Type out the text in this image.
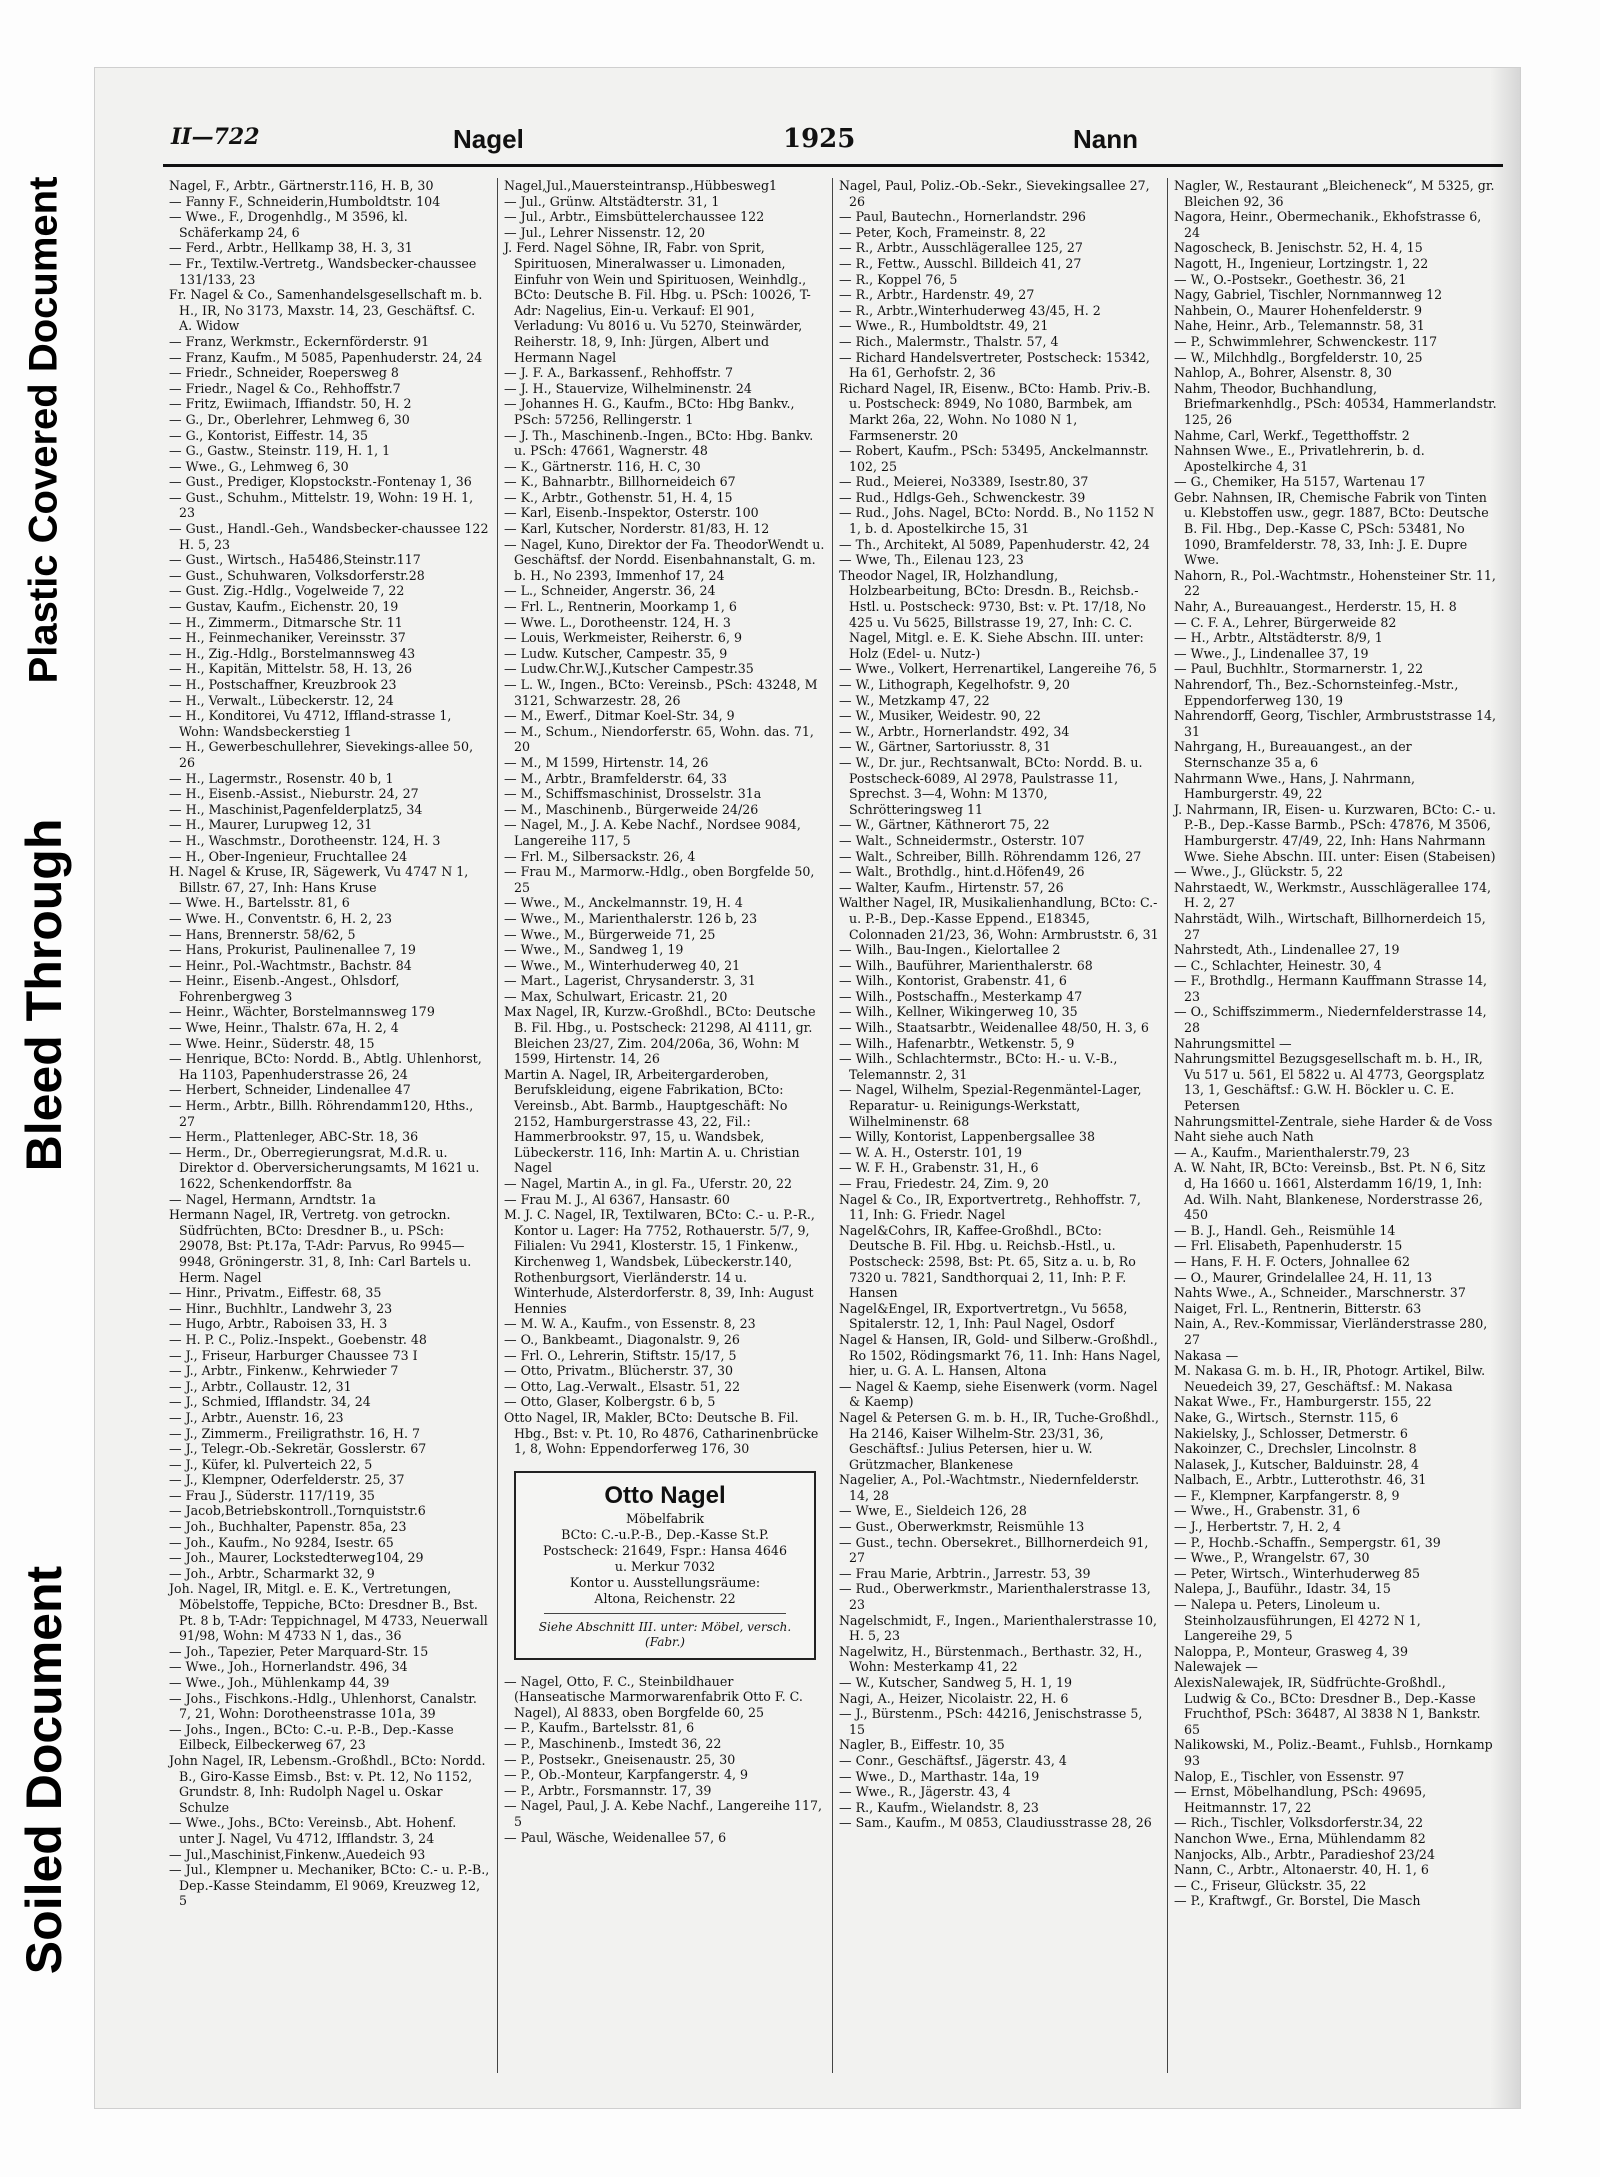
Soiled Document
Bleed Through
Plastic Covered Document
II—722	Nagel	1925	Nann
Nagel, F., Arbtr., Gärtnerstr.116, H. B, 30
— Fanny F., Schneiderin,Humboldtstr. 104
— Wwe., F., Drogenhdlg., M 3596, kl. Schäferkamp 24, 6
— Ferd., Arbtr., Hellkamp 38, H. 3, 31
— Fr., Textilw.-Vertretg., Wandsbecker-chaussee 131/133, 23
Fr. Nagel & Co., Samenhandelsgesellschaft m. b. H., IR, No 3173, Maxstr. 14, 23, Geschäftsf. C. A. Widow
— Franz, Werkmstr., Eckernförderstr. 91
— Franz, Kaufm., M 5085, Papenhuderstr. 24, 24
— Friedr., Schneider, Roepersweg 8
— Friedr., Nagel & Co., Rehhoffstr.7
— Fritz, Ewiimach, Iffiandstr. 50, H. 2
— G., Dr., Oberlehrer, Lehmweg 6, 30
— G., Kontorist, Eiffestr. 14, 35
— G., Gastw., Steinstr. 119, H. 1, 1
— Wwe., G., Lehmweg 6, 30
— Gust., Prediger, Klopstockstr.-Fontenay 1, 36
— Gust., Schuhm., Mittelstr. 19, Wohn: 19 H. 1, 23
— Gust., Handl.-Geh., Wandsbecker-chaussee 122 H. 5, 23
— Gust., Wirtsch., Ha5486,Steinstr.117
— Gust., Schuhwaren, Volksdorferstr.28
— Gust. Zig.-Hdlg., Vogelweide 7, 22
— Gustav, Kaufm., Eichenstr. 20, 19
— H., Zimmerm., Ditmarsche Str. 11
— H., Feinmechaniker, Vereinsstr. 37
— H., Zig.-Hdlg., Borstelmannsweg 43
— H., Kapitän, Mittelstr. 58, H. 13, 26
— H., Postschaffner, Kreuzbrook 23
— H., Verwalt., Lübeckerstr. 12, 24
— H., Konditorei, Vu 4712, Iffland-strasse 1, Wohn: Wandsbeckerstieg 1
— H., Gewerbeschullehrer, Sievekings-allee 50, 26
— H., Lagermstr., Rosenstr. 40 b, 1
— H., Eisenb.-Assist., Nieburstr. 24, 27
— H., Maschinist,Pagenfelderplatz5, 34
— H., Maurer, Lurupweg 12, 31
— H., Waschmstr., Dorotheenstr. 124, H. 3
— H., Ober-Ingenieur, Fruchtallee 24
H. Nagel & Kruse, IR, Sägewerk, Vu 4747 N 1, Billstr. 67, 27, Inh: Hans Kruse
— Wwe. H., Bartelsstr. 81, 6
— Wwe. H., Conventstr. 6, H. 2, 23
— Hans, Brennerstr. 58/62, 5
— Hans, Prokurist, Paulinenallee 7, 19
— Heinr., Pol.-Wachtmstr., Bachstr. 84
— Heinr., Eisenb.-Angest., Ohlsdorf, Fohrenbergweg 3
— Heinr., Wächter, Borstelmannsweg 179
— Wwe, Heinr., Thalstr. 67a, H. 2, 4
— Wwe. Heinr., Süderstr. 48, 15
— Henrique, BCto: Nordd. B., Abtlg. Uhlenhorst, Ha 1103, Papenhuderstrasse 26, 24
— Herbert, Schneider, Lindenallee 47
— Herm., Arbtr., Billh. Röhrendamm120, Hths., 27
— Herm., Plattenleger, ABC-Str. 18, 36
— Herm., Dr., Oberregierungsrat, M.d.R. u. Direktor d. Oberversicherungsamts, M 1621 u. 1622, Schenkendorffstr. 8a
— Nagel, Hermann, Arndtstr. 1a
Hermann Nagel, IR, Vertretg. von getrockn. Südfrüchten, BCto: Dresdner B., u. PSch: 29078, Bst: Pt.17a, T-Adr: Parvus, Ro 9945—9948, Gröningerstr. 31, 8, Inh: Carl Bartels u. Herm. Nagel
— Hinr., Privatm., Eiffestr. 68, 35
— Hinr., Buchhltr., Landwehr 3, 23
— Hugo, Arbtr., Raboisen 33, H. 3
— H. P. C., Poliz.-Inspekt., Goebenstr. 48
— J., Friseur, Harburger Chaussee 73 I
— J., Arbtr., Finkenw., Kehrwieder 7
— J., Arbtr., Collaustr. 12, 31
— J., Schmied, Ifflandstr. 34, 24
— J., Arbtr., Auenstr. 16, 23
— J., Zimmerm., Freiligrathstr. 16, H. 7
— J., Telegr.-Ob.-Sekretär, Gosslerstr. 67
— J., Küfer, kl. Pulverteich 22, 5
— J., Klempner, Oderfelderstr. 25, 37
— Frau J., Süderstr. 117/119, 35
— Jacob,Betriebskontroll.,Tornquiststr.6
— Joh., Buchhalter, Papenstr. 85a, 23
— Joh., Kaufm., No 9284, Isestr. 65
— Joh., Maurer, Lockstedterweg104, 29
— Joh., Arbtr., Scharmarkt 32, 9
Joh. Nagel, IR, Mitgl. e. E. K., Vertretungen, Möbelstoffe, Teppiche, BCto: Dresdner B., Bst. Pt. 8 b, T-Adr: Teppichnagel, M 4733, Neuerwall 91/98, Wohn: M 4733 N 1, das., 36
— Joh., Tapezier, Peter Marquard-Str. 15
— Wwe., Joh., Hornerlandstr. 496, 34
— Wwe., Joh., Mühlenkamp 44, 39
— Johs., Fischkons.-Hdlg., Uhlenhorst, Canalstr. 7, 21, Wohn: Dorotheenstrasse 101a, 39
— Johs., Ingen., BCto: C.-u. P.-B., Dep.-Kasse Eilbeck, Eilbeckerweg 67, 23
John Nagel, IR, Lebensm.-Großhdl., BCto: Nordd. B., Giro-Kasse Eimsb., Bst: v. Pt. 12, No 1152, Grundstr. 8, Inh: Rudolph Nagel u. Oskar Schulze
— Wwe., Johs., BCto: Vereinsb., Abt. Hohenf. unter J. Nagel, Vu 4712, Ifflandstr. 3, 24
— Jul.,Maschinist,Finkenw.,Auedeich 93
— Jul., Klempner u. Mechaniker, BCto: C.- u. P.-B., Dep.-Kasse Steindamm, El 9069, Kreuzweg 12, 5
Nagel,Jul.,Mauersteintransp.,Hübbesweg1
— Jul., Grünw. Altstädterstr. 31, 1
— Jul., Arbtr., Eimsbüttelerchaussee 122
— Jul., Lehrer Nissenstr. 12, 20
J. Ferd. Nagel Söhne, IR, Fabr. von Sprit, Spirituosen, Mineralwasser u. Limonaden, Einfuhr von Wein und Spirituosen, Weinhdlg., BCto: Deutsche B. Fil. Hbg. u. PSch: 10026, T-Adr: Nagelius, Ein-u. Verkauf: El 901, Verladung: Vu 8016 u. Vu 5270, Steinwärder, Reiherstr. 18, 9, Inh: Jürgen, Albert und Hermann Nagel
— J. F. A., Barkassenf., Rehhoffstr. 7
— J. H., Stauervize, Wilhelminenstr. 24
— Johannes H. G., Kaufm., BCto: Hbg Bankv., PSch: 57256, Rellingerstr. 1
— J. Th., Maschinenb.-Ingen., BCto: Hbg. Bankv. u. PSch: 47661, Wagnerstr. 48
— K., Gärtnerstr. 116, H. C, 30
— K., Bahnarbtr., Billhorneideich 67
— K., Arbtr., Gothenstr. 51, H. 4, 15
— Karl, Eisenb.-Inspektor, Osterstr. 100
— Karl, Kutscher, Norderstr. 81/83, H. 12
— Nagel, Kuno, Direktor der Fa. TheodorWendt u. Geschäftsf. der Nordd. Eisenbahnanstalt, G. m. b. H., No 2393, Immenhof 17, 24
— L., Schneider, Angerstr. 36, 24
— Frl. L., Rentnerin, Moorkamp 1, 6
— Wwe. L., Dorotheenstr. 124, H. 3
— Louis, Werkmeister, Reiherstr. 6, 9
— Ludw. Kutscher, Campestr. 35, 9
— Ludw.Chr.W.J.,Kutscher Campestr.35
— L. W., Ingen., BCto: Vereinsb., PSch: 43248, M 3121, Schwarzestr. 28, 26
— M., Ewerf., Ditmar Koel-Str. 34, 9
— M., Schum., Niendorferstr. 65, Wohn. das. 71, 20
— M., M 1599, Hirtenstr. 14, 26
— M., Arbtr., Bramfelderstr. 64, 33
— M., Schiffsmaschinist, Drosselstr. 31a
— M., Maschinenb., Bürgerweide 24/26
— Nagel, M., J. A. Kebe Nachf., Nordsee 9084, Langereihe 117, 5
— Frl. M., Silbersackstr. 26, 4
— Frau M., Marmorw.-Hdlg., oben Borgfelde 50, 25
— Wwe., M., Anckelmannstr. 19, H. 4
— Wwe., M., Marienthalerstr. 126 b, 23
— Wwe., M., Bürgerweide 71, 25
— Wwe., M., Sandweg 1, 19
— Wwe., M., Winterhuderweg 40, 21
— Mart., Lagerist, Chrysanderstr. 3, 31
— Max, Schulwart, Ericastr. 21, 20
Max Nagel, IR, Kurzw.-Großhdl., BCto: Deutsche B. Fil. Hbg., u. Postscheck: 21298, Al 4111, gr. Bleichen 23/27, Zim. 204/206a, 36, Wohn: M 1599, Hirtenstr. 14, 26
Martin A. Nagel, IR, Arbeitergarderoben, Berufskleidung, eigene Fabrikation, BCto: Vereinsb., Abt. Barmb., Hauptgeschäft: No 2152, Hamburgerstrasse 43, 22, Fil.: Hammerbrookstr. 97, 15, u. Wandsbek, Lübeckerstr. 116, Inh: Martin A. u. Christian Nagel
— Nagel, Martin A., in gl. Fa., Uferstr. 20, 22
— Frau M. J., Al 6367, Hansastr. 60
M. J. C. Nagel, IR, Textilwaren, BCto: C.- u. P.-R., Kontor u. Lager: Ha 7752, Rothauerstr. 5/7, 9, Filialen: Vu 2941, Klosterstr. 15, 1 Finkenw., Kirchenweg 1, Wandsbek, Lübeckerstr.140, Rothenburgsort, Vierländerstr. 14 u. Winterhude, Alsterdorferstr. 8, 39, Inh: August Hennies
— M. W. A., Kaufm., von Essenstr. 8, 23
— O., Bankbeamt., Diagonalstr. 9, 26
— Frl. O., Lehrerin, Stiftstr. 15/17, 5
— Otto, Privatm., Blücherstr. 37, 30
— Otto, Lag.-Verwalt., Elsastr. 51, 22
— Otto, Glaser, Kolbergstr. 6 b, 5
Otto Nagel, IR, Makler, BCto: Deutsche B. Fil. Hbg., Bst: v. Pt. 10, Ro 4876, Catharinenbrücke 1, 8, Wohn: Eppendorferweg 176, 30
Otto Nagel
Möbelfabrik
BCto: C.-u.P.-B., Dep.-Kasse St.P.
Postscheck: 21649, Fspr.: Hansa 4646
u. Merkur 7032
Kontor u. Ausstellungsräume:
Altona, Reichenstr. 22
Siehe Abschnitt III. unter: Möbel, versch. (Fabr.)
— Nagel, Otto, F. C., Steinbildhauer (Hanseatische Marmorwarenfabrik Otto F. C. Nagel), Al 8833, oben Borgfelde 60, 25
— P., Kaufm., Bartelsstr. 81, 6
— P., Maschinenb., Imstedt 36, 22
— P., Postsekr., Gneisenaustr. 25, 30
— P., Ob.-Monteur, Karpfangerstr. 4, 9
— P., Arbtr., Forsmannstr. 17, 39
— Nagel, Paul, J. A. Kebe Nachf., Langereihe 117, 5
— Paul, Wäsche, Weidenallee 57, 6
Nagel, Paul, Poliz.-Ob.-Sekr., Sievekingsallee 27, 26
— Paul, Bautechn., Hornerlandstr. 296
— Peter, Koch, Frameinstr. 8, 22
— R., Arbtr., Ausschlägerallee 125, 27
— R., Fettw., Ausschl. Billdeich 41, 27
— R., Koppel 76, 5
— R., Arbtr., Hardenstr. 49, 27
— R., Arbtr.,Winterhuderweg 43/45, H. 2
— Wwe., R., Humboldtstr. 49, 21
— Rich., Malermstr., Thalstr. 57, 4
— Richard Handelsvertreter, Postscheck: 15342, Ha 61, Gerhofstr. 2, 36
Richard Nagel, IR, Eisenw., BCto: Hamb. Priv.-B. u. Postscheck: 8949, No 1080, Barmbek, am Markt 26a, 22, Wohn. No 1080 N 1, Farmsenerstr. 20
— Robert, Kaufm., PSch: 53495, Anckelmannstr. 102, 25
— Rud., Meierei, No3389, Isestr.80, 37
— Rud., Hdlgs-Geh., Schwenckestr. 39
— Rud., Johs. Nagel, BCto: Nordd. B., No 1152 N 1, b. d. Apostelkirche 15, 31
— Th., Architekt, Al 5089, Papenhuderstr. 42, 24
— Wwe, Th., Eilenau 123, 23
Theodor Nagel, IR, Holzhandlung, Holzbearbeitung, BCto: Dresdn. B., Reichsb.-Hstl. u. Postscheck: 9730, Bst: v. Pt. 17/18, No 425 u. Vu 5625, Billstrasse 19, 27, Inh: C. C. Nagel, Mitgl. e. E. K. Siehe Abschn. III. unter: Holz (Edel- u. Nutz-)
— Wwe., Volkert, Herrenartikel, Langereihe 76, 5
— W., Lithograph, Kegelhofstr. 9, 20
— W., Metzkamp 47, 22
— W., Musiker, Weidestr. 90, 22
— W., Arbtr., Hornerlandstr. 492, 34
— W., Gärtner, Sartoriusstr. 8, 31
— W., Dr. jur., Rechtsanwalt, BCto: Nordd. B. u. Postscheck-6089, Al 2978, Paulstrasse 11, Sprechst. 3—4, Wohn: M 1370, Schrötteringsweg 11
— W., Gärtner, Käthnerort 75, 22
— Walt., Schneidermstr., Osterstr. 107
— Walt., Schreiber, Billh. Röhrendamm 126, 27
— Walt., Brothdlg., hint.d.Höfen49, 26
— Walter, Kaufm., Hirtenstr. 57, 26
Walther Nagel, IR, Musikalienhandlung, BCto: C.-u. P.-B., Dep.-Kasse Eppend., E18345, Colonnaden 21/23, 36, Wohn: Armbruststr. 6, 31
— Wilh., Bau-Ingen., Kielortallee 2
— Wilh., Bauführer, Marienthalerstr. 68
— Wilh., Kontorist, Grabenstr. 41, 6
— Wilh., Postschaffn., Mesterkamp 47
— Wilh., Kellner, Wikingerweg 10, 35
— Wilh., Staatsarbtr., Weidenallee 48/50, H. 3, 6
— Wilh., Hafenarbtr., Wetkenstr. 5, 9
— Wilh., Schlachtermstr., BCto: H.- u. V.-B., Telemannstr. 2, 31
— Nagel, Wilhelm, Spezial-Regenmäntel-Lager, Reparatur- u. Reinigungs-Werkstatt, Wilhelminenstr. 68
— Willy, Kontorist, Lappenbergsallee 38
— W. A. H., Osterstr. 101, 19
— W. F. H., Grabenstr. 31, H., 6
— Frau, Friedestr. 24, Zim. 9, 20
Nagel & Co., IR, Exportvertretg., Rehhoffstr. 7, 11, Inh: G. Friedr. Nagel
Nagel&Cohrs, IR, Kaffee-Großhdl., BCto: Deutsche B. Fil. Hbg. u. Reichsb.-Hstl., u. Postscheck: 2598, Bst: Pt. 65, Sitz a. u. b, Ro 7320 u. 7821, Sandthorquai 2, 11, Inh: P. F. Hansen
Nagel&Engel, IR, Exportvertretgn., Vu 5658, Spitalerstr. 12, 1, Inh: Paul Nagel, Osdorf
Nagel & Hansen, IR, Gold- und Silberw.-Großhdl., Ro 1502, Rödingsmarkt 76, 11. Inh: Hans Nagel, hier, u. G. A. L. Hansen, Altona
— Nagel & Kaemp, siehe Eisenwerk (vorm. Nagel & Kaemp)
Nagel & Petersen G. m. b. H., IR, Tuche-Großhdl., Ha 2146, Kaiser Wilhelm-Str. 23/31, 36, Geschäftsf.: Julius Petersen, hier u. W. Grützmacher, Blankenese
Nagelier, A., Pol.-Wachtmstr., Niedernfelderstr. 14, 28
— Wwe, E., Sieldeich 126, 28
— Gust., Oberwerkmstr, Reismühle 13
— Gust., techn. Obersekret., Billhornerdeich 91, 27
— Frau Marie, Arbtrin., Jarrestr. 53, 39
— Rud., Oberwerkmstr., Marienthalerstrasse 13, 23
Nagelschmidt, F., Ingen., Marienthalerstrasse 10, H. 5, 23
Nagelwitz, H., Bürstenmach., Berthastr. 32, H., Wohn: Mesterkamp 41, 22
— W., Kutscher, Sandweg 5, H. 1, 19
Nagi, A., Heizer, Nicolaistr. 22, H. 6
— J., Bürstenm., PSch: 44216, Jenischstrasse 5, 15
Nagler, B., Eiffestr. 10, 35
— Conr., Geschäftsf., Jägerstr. 43, 4
— Wwe., D., Marthastr. 14a, 19
— Wwe., R., Jägerstr. 43, 4
— R., Kaufm., Wielandstr. 8, 23
— Sam., Kaufm., M 0853, Claudiusstrasse 28, 26
Nagler, W., Restaurant „Bleicheneck“, M 5325, gr. Bleichen 92, 36
Nagora, Heinr., Obermechanik., Ekhofstrasse 6, 24
Nagoscheck, B. Jenischstr. 52, H. 4, 15
Nagott, H., Ingenieur, Lortzingstr. 1, 22
— W., O.-Postsekr., Goethestr. 36, 21
Nagy, Gabriel, Tischler, Nornmannweg 12
Nahbein, O., Maurer Hohenfelderstr. 9
Nahe, Heinr., Arb., Telemannstr. 58, 31
— P., Schwimmlehrer, Schwenckestr. 117
— W., Milchhdlg., Borgfelderstr. 10, 25
Nahlop, A., Bohrer, Alsenstr. 8, 30
Nahm, Theodor, Buchhandlung, Briefmarkenhdlg., PSch: 40534, Hammerlandstr. 125, 26
Nahme, Carl, Werkf., Tegetthoffstr. 2
Nahnsen Wwe., E., Privatlehrerin, b. d. Apostelkirche 4, 31
— G., Chemiker, Ha 5157, Wartenau 17
Gebr. Nahnsen, IR, Chemische Fabrik von Tinten u. Klebstoffen usw., gegr. 1887, BCto: Deutsche B. Fil. Hbg., Dep.-Kasse C, PSch: 53481, No 1090, Bramfelderstr. 78, 33, Inh: J. E. Dupre Wwe.
Nahorn, R., Pol.-Wachtmstr., Hohensteiner Str. 11, 22
Nahr, A., Bureauangest., Herderstr. 15, H. 8
— C. F. A., Lehrer, Bürgerweide 82
— H., Arbtr., Altstädterstr. 8/9, 1
— Wwe., J., Lindenallee 37, 19
— Paul, Buchhltr., Stormarnerstr. 1, 22
Nahrendorf, Th., Bez.-Schornsteinfeg.-Mstr., Eppendorferweg 130, 19
Nahrendorff, Georg, Tischler, Armbruststrasse 14, 31
Nahrgang, H., Bureauangest., an der Sternschanze 35 a, 6
Nahrmann Wwe., Hans, J. Nahrmann, Hamburgerstr. 49, 22
J. Nahrmann, IR, Eisen- u. Kurzwaren, BCto: C.- u. P.-B., Dep.-Kasse Barmb., PSch: 47876, M 3506, Hamburgerstr. 47/49, 22, Inh: Hans Nahrmann Wwe. Siehe Abschn. III. unter: Eisen (Stabeisen)
— Wwe., J., Glückstr. 5, 22
Nahrstaedt, W., Werkmstr., Ausschlägerallee 174, H. 2, 27
Nahrstädt, Wilh., Wirtschaft, Billhornerdeich 15, 27
Nahrstedt, Ath., Lindenallee 27, 19
— C., Schlachter, Heinestr. 30, 4
— F., Brothdlg., Hermann Kauffmann Strasse 14, 23
— O., Schiffszimmerm., Niedernfelderstrasse 14, 28
Nahrungsmittel —
Nahrungsmittel Bezugsgesellschaft m. b. H., IR, Vu 517 u. 561, El 5822 u. Al 4773, Georgsplatz 13, 1, Geschäftsf.: G.W. H. Böckler u. C. E. Petersen
Nahrungsmittel-Zentrale, siehe Harder & de Voss
Naht siehe auch Nath
— A., Kaufm., Marienthalerstr.79, 23
A. W. Naht, IR, BCto: Vereinsb., Bst. Pt. N 6, Sitz d, Ha 1660 u. 1661, Alsterdamm 16/19, 1, Inh: Ad. Wilh. Naht, Blankenese, Norderstrasse 26, 450
— B. J., Handl. Geh., Reismühle 14
— Frl. Elisabeth, Papenhuderstr. 15
— Hans, F. H. F. Octers, Johnallee 62
— O., Maurer, Grindelallee 24, H. 11, 13
Nahts Wwe., A., Schneider., Marschnerstr. 37
Naiget, Frl. L., Rentnerin, Bitterstr. 63
Nain, A., Rev.-Kommissar, Vierländerstrasse 280, 27
Nakasa —
M. Nakasa G. m. b. H., IR, Photogr. Artikel, Bilw. Neuedeich 39, 27, Geschäftsf.: M. Nakasa
Nakat Wwe., Fr., Hamburgerstr. 155, 22
Nake, G., Wirtsch., Sternstr. 115, 6
Nakielsky, J., Schlosser, Detmerstr. 6
Nakoinzer, C., Drechsler, Lincolnstr. 8
Nalasek, J., Kutscher, Balduinstr. 28, 4
Nalbach, E., Arbtr., Lutterothstr. 46, 31
— F., Klempner, Karpfangerstr. 8, 9
— Wwe., H., Grabenstr. 31, 6
— J., Herbertstr. 7, H. 2, 4
— P., Hochb.-Schaffn., Sempergstr. 61, 39
— Wwe., P., Wrangelstr. 67, 30
— Peter, Wirtsch., Winterhuderweg 85
Nalepa, J., Bauführ., Idastr. 34, 15
— Nalepa u. Peters, Linoleum u. Steinholzausführungen, El 4272 N 1, Langereihe 29, 5
Naloppa, P., Monteur, Grasweg 4, 39
Nalewajek —
AlexisNalewajek, IR, Südfrüchte-Großhdl., Ludwig & Co., BCto: Dresdner B., Dep.-Kasse Fruchthof, PSch: 36487, Al 3838 N 1, Bankstr. 65
Nalikowski, M., Poliz.-Beamt., Fuhlsb., Hornkamp 93
Nalop, E., Tischler, von Essenstr. 97
— Ernst, Möbelhandlung, PSch: 49695, Heitmannstr. 17, 22
— Rich., Tischler, Volksdorferstr.34, 22
Nanchon Wwe., Erna, Mühlendamm 82
Nanjocks, Alb., Arbtr., Paradieshof 23/24
Nann, C., Arbtr., Altonaerstr. 40, H. 1, 6
— C., Friseur, Glückstr. 35, 22
— P., Kraftwgf., Gr. Borstel, Die Masch
